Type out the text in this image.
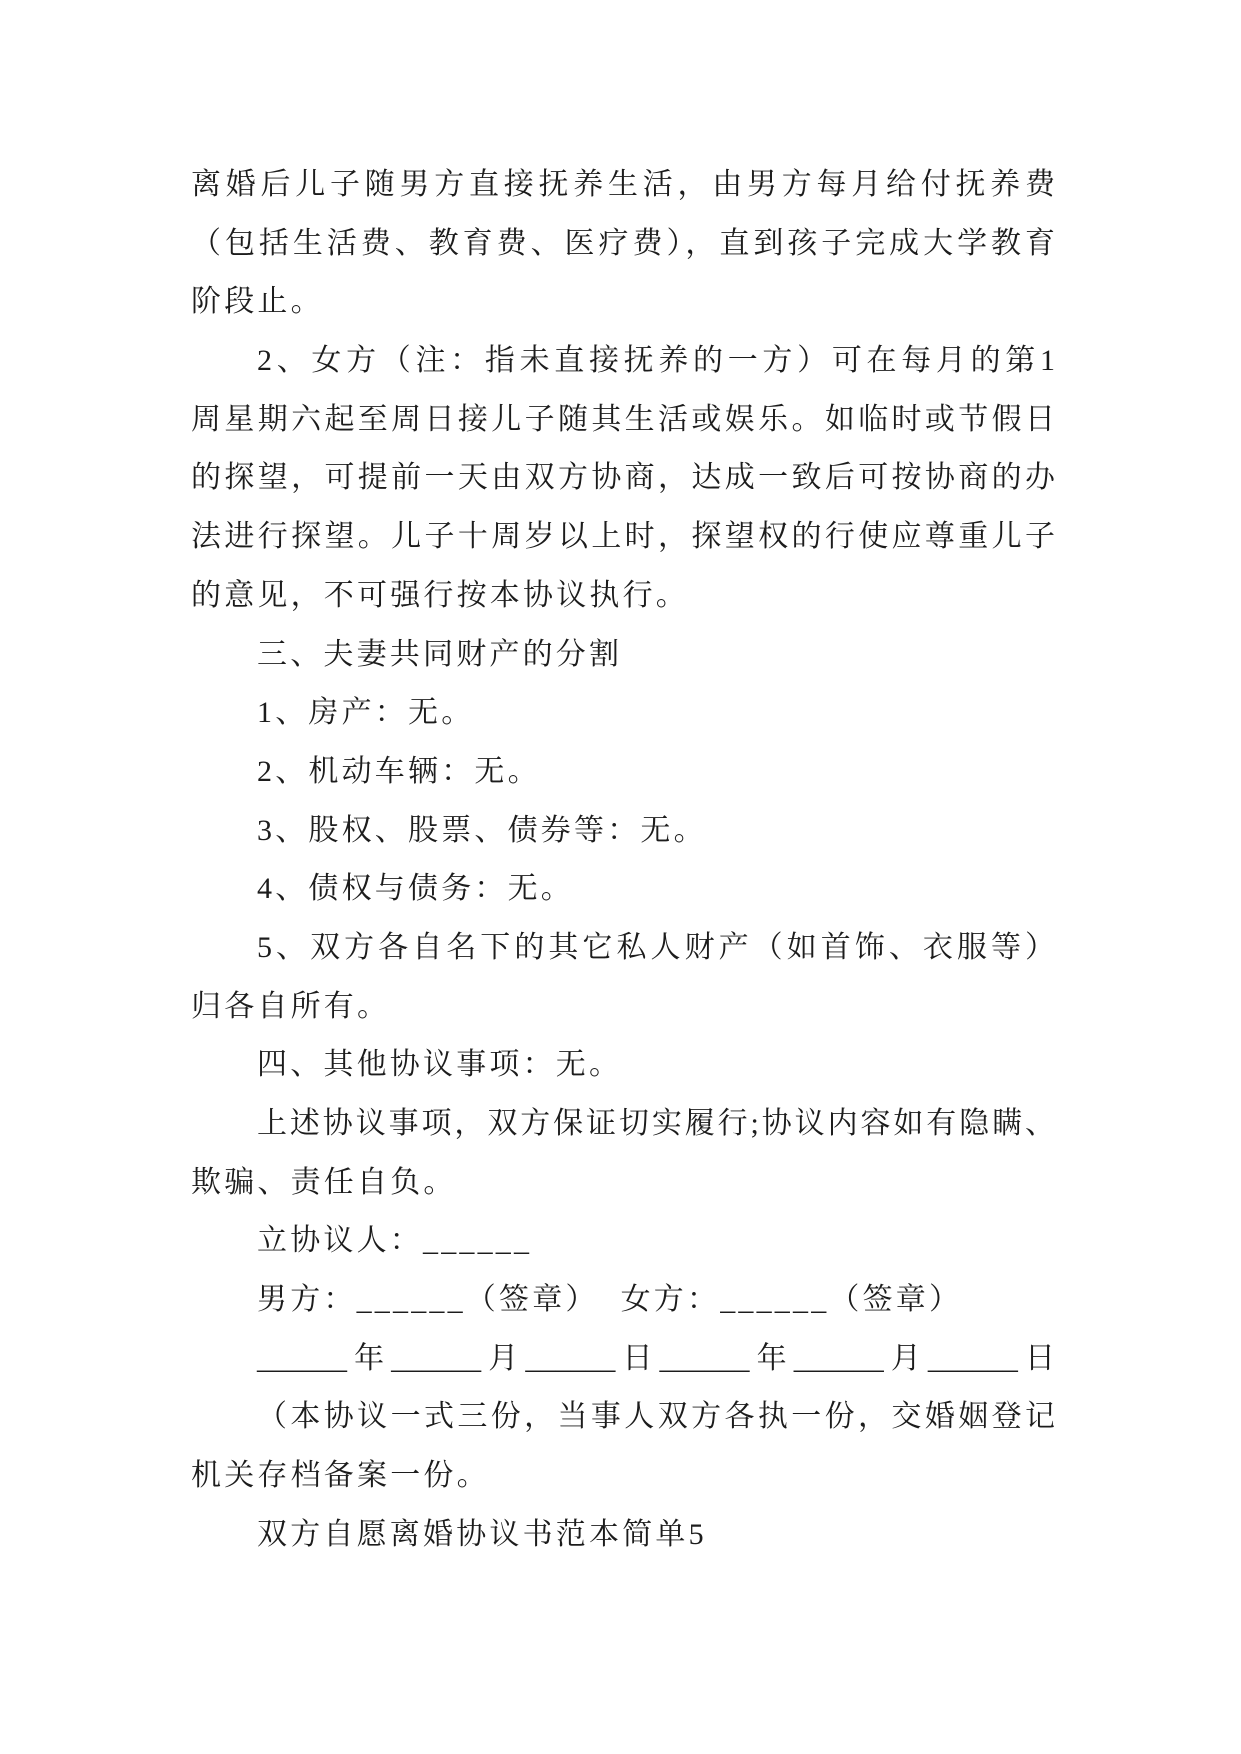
离婚后儿子随男方直接抚养生活，由男方每月给付抚养费
（包括生活费、教育费、医疗费），直到孩子完成大学教育
阶段止。
2、女方（注：指未直接抚养的一方）可在每月的第1
周星期六起至周日接儿子随其生活或娱乐。如临时或节假日
的探望，可提前一天由双方协商，达成一致后可按协商的办
法进行探望。儿子十周岁以上时，探望权的行使应尊重儿子
的意见，不可强行按本协议执行。
三、夫妻共同财产的分割
1、房产：无。
2、机动车辆：无。
3、股权、股票、债券等：无。
4、债权与债务：无。
5、双方各自名下的其它私人财产（如首饰、衣服等）
归各自所有。
四、其他协议事项：无。
上述协议事项，双方保证切实履行;协议内容如有隐瞒、
欺骗、责任自负。
立协议人：______
男方：______（签章） 女方：______（签章）
______年______月______日______年______月______日
（本协议一式三份，当事人双方各执一份，交婚姻登记
机关存档备案一份。
双方自愿离婚协议书范本简单5
